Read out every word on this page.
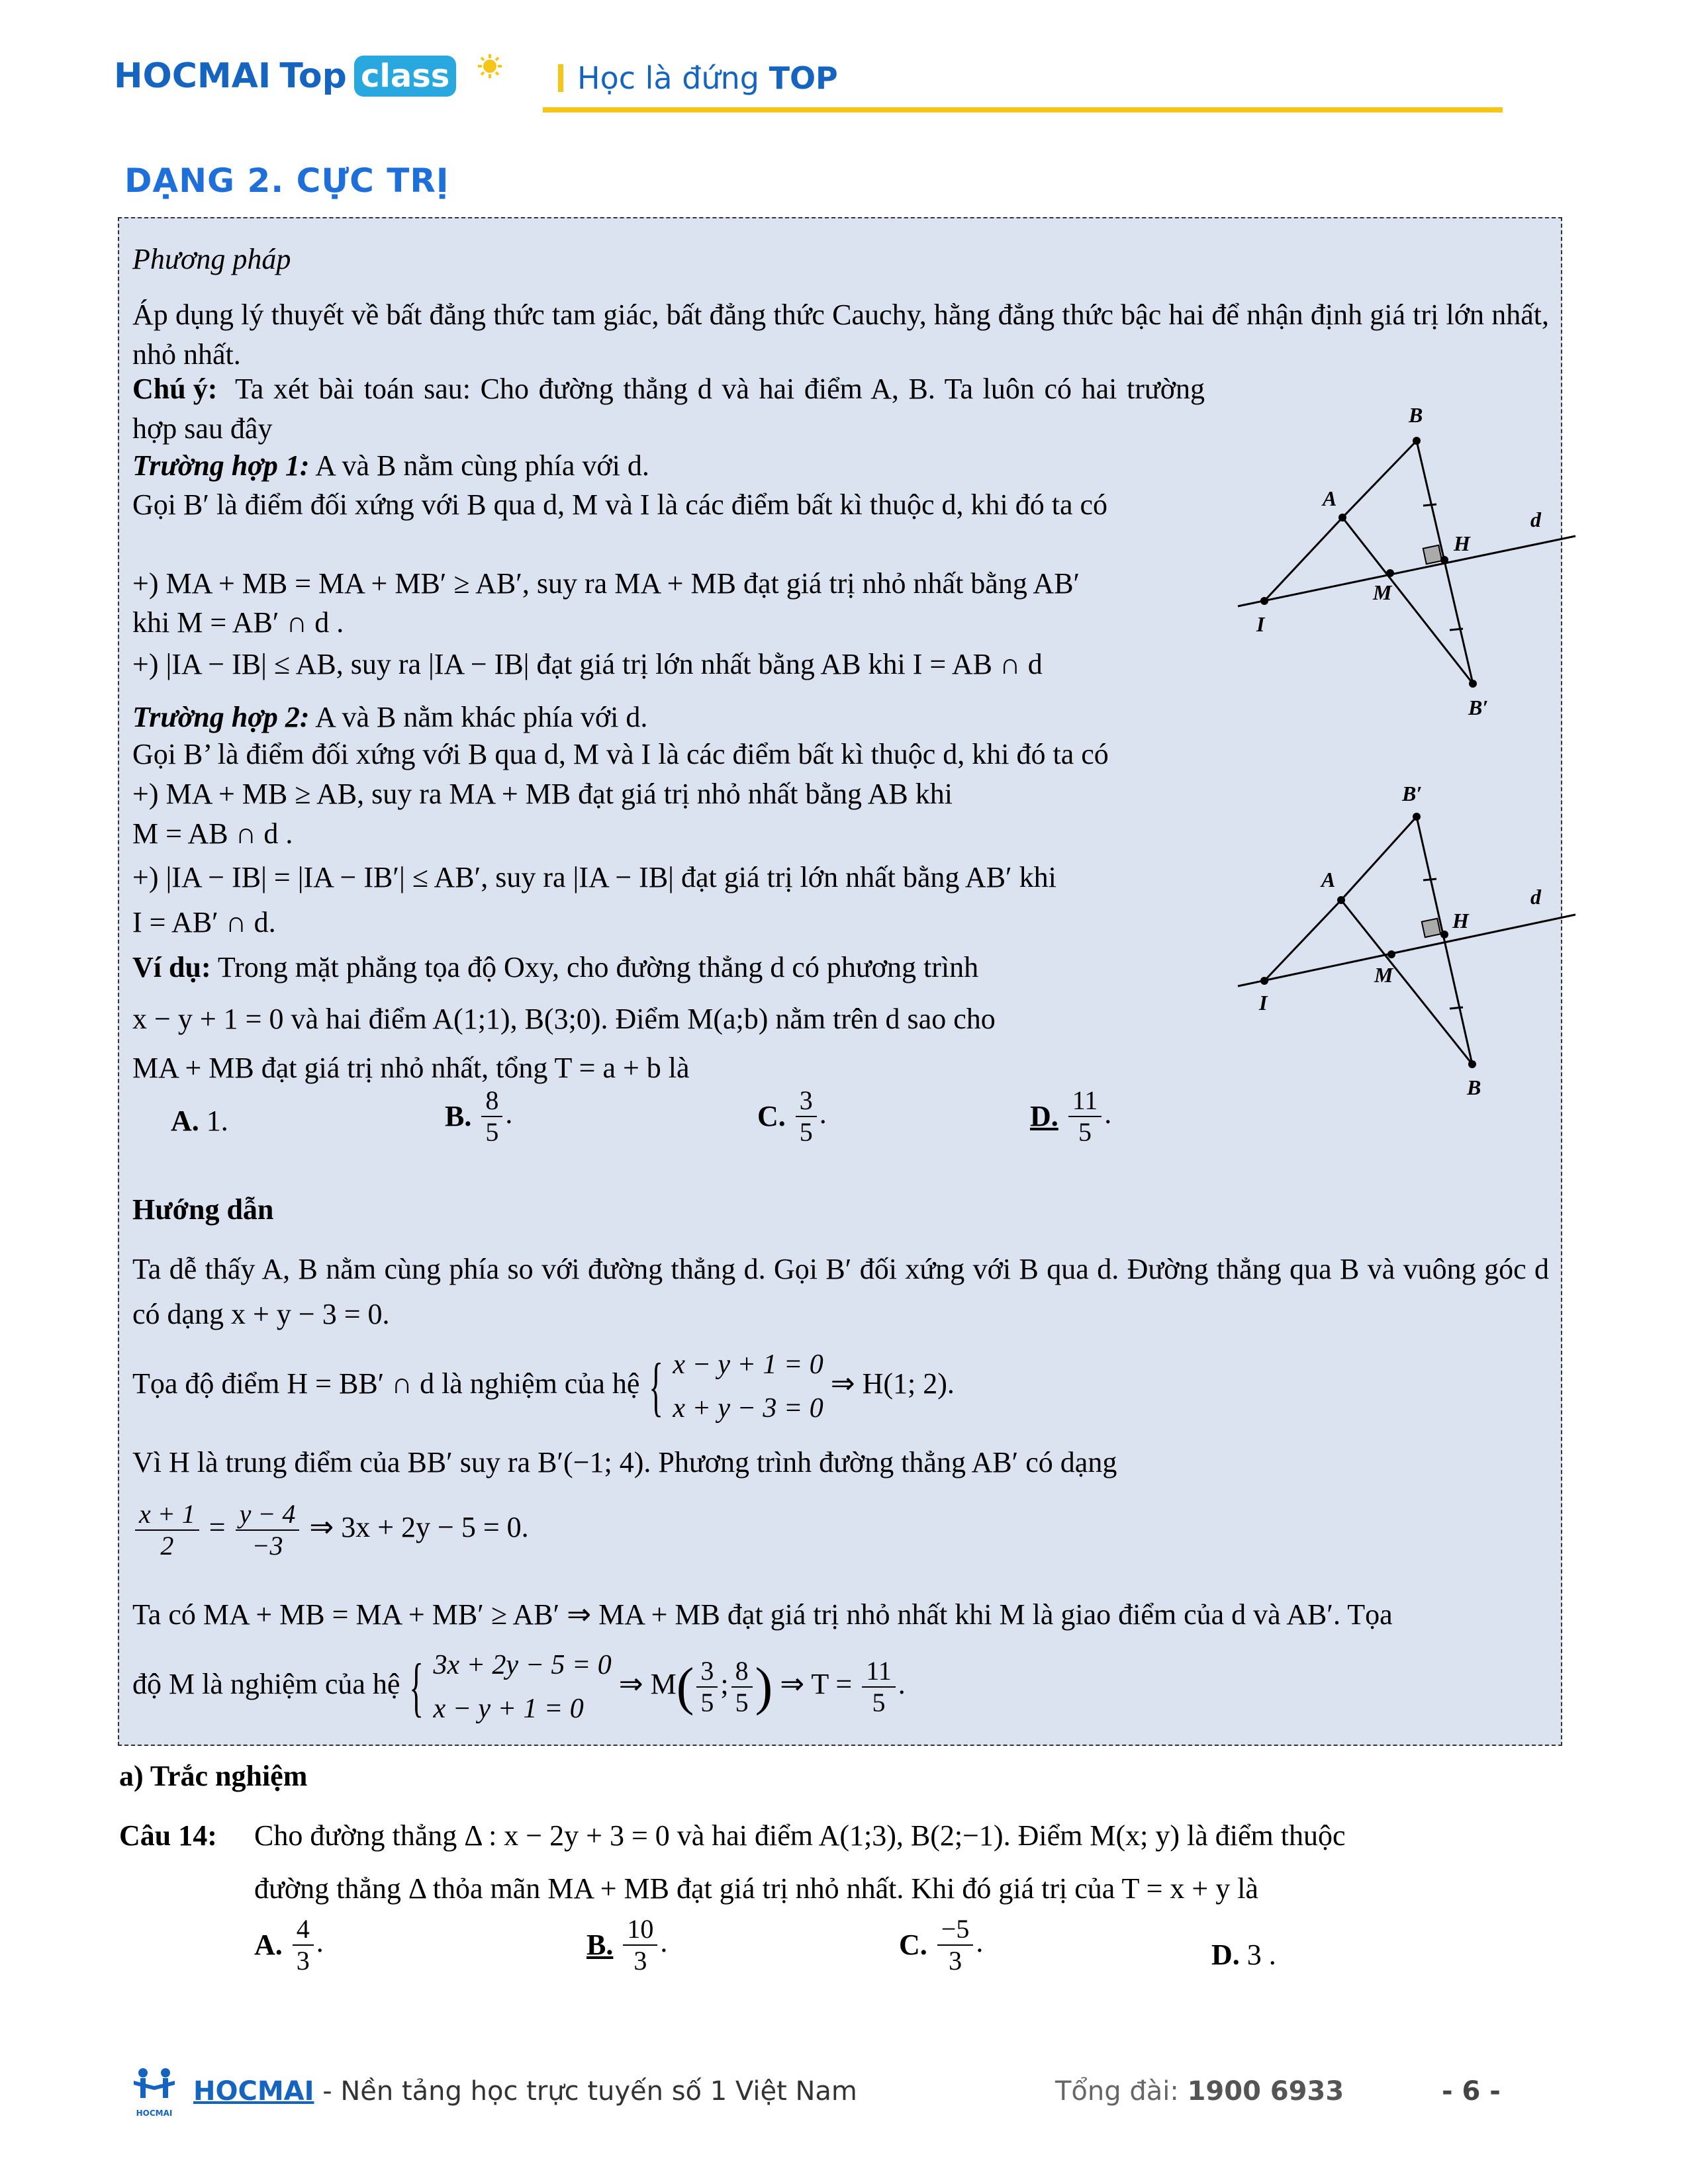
HOCMAI Top class	Học là đứng TOP
DẠNG 2. CỰC TRỊ
Phương pháp
Áp dụng lý thuyết về bất đẳng thức tam giác, bất đẳng thức Cauchy, hằng đẳng thức bậc hai để nhận định giá trị lớn nhất, nhỏ nhất.
Chú ý: Ta xét bài toán sau: Cho đường thẳng d và hai điểm A, B. Ta luôn có hai trường hợp sau đây
Trường hợp 1: A và B nằm cùng phía với d.
Gọi B′ là điểm đối xứng với B qua d, M và I là các điểm bất kì thuộc d, khi đó ta có
+) MA + MB = MA + MB′ ≥ AB′, suy ra MA + MB đạt giá trị nhỏ nhất bằng AB′
khi M = AB′ ∩ d .
+) |IA − IB| ≤ AB, suy ra |IA − IB| đạt giá trị lớn nhất bằng AB khi I = AB ∩ d
Trường hợp 2: A và B nằm khác phía với d.
Gọi B’ là điểm đối xứng với B qua d, M và I là các điểm bất kì thuộc d, khi đó ta có
+) MA + MB ≥ AB, suy ra MA + MB đạt giá trị nhỏ nhất bằng AB khi
M = AB ∩ d .
+) |IA − IB| = |IA − IB′| ≤ AB′, suy ra |IA − IB| đạt giá trị lớn nhất bằng AB′ khi
I = AB′ ∩ d.
Ví dụ: Trong mặt phẳng tọa độ Oxy, cho đường thẳng d có phương trình
x − y + 1 = 0 và hai điểm A(1;1), B(3;0). Điểm M(a;b) nằm trên d sao cho
MA + MB đạt giá trị nhỏ nhất, tổng T = a + b là
A. 1.	B. $\frac{8}{5}$ .	C. $\frac{3}{5}$ .	D. $\frac{11}{5}$ .
Hướng dẫn
Ta dễ thấy A, B nằm cùng phía so với đường thẳng d. Gọi B′ đối xứng với B qua d. Đường thẳng qua B và vuông góc d có dạng x + y − 3 = 0.
Tọa độ điểm H = BB′ ∩ d là nghiệm của hệ { x − y + 1 = 0
x + y − 3 = 0
⇒ H(1; 2).
Vì H là trung điểm của BB′ suy ra B′(−1; 4). Phương trình đường thẳng AB′ có dạng
$\frac{x + 1}{2} = \frac{y - 4}{-3}$ ⇒ 3x + 2y − 5 = 0.
Ta có MA + MB = MA + MB′ ≥ AB′ ⇒ MA + MB đạt giá trị nhỏ nhất khi M là giao điểm của d và AB′. Tọa
độ M là nghiệm của hệ { 3x + 2y − 5 = 0
x − y + 1 = 0
⇒ $M( \frac{3}{5}$ ; $\frac{8}{5}$ ) ⇒ $T = \frac{11}{5}$ .
B
A
H
d
M
I
B′
B′
A
H
d
M
I
B
a) Trắc nghiệm
Câu 14: Cho đường thẳng Δ : x − 2y + 3 = 0 và hai điểm A(1;3), B(2;−1). Điểm M(x; y) là điểm thuộc
đường thẳng Δ thỏa mãn MA + MB đạt giá trị nhỏ nhất. Khi đó giá trị của T = x + y là
A. $\frac{4}{3}$ .	B. $\frac{10}{3}$ .	C. $\frac{-5}{3}$ .	D. 3 .
HOCMAI
HOCMAI - Nền tảng học trực tuyến số 1 Việt Nam	Tổng đài: 1900 6933	- 6 -
